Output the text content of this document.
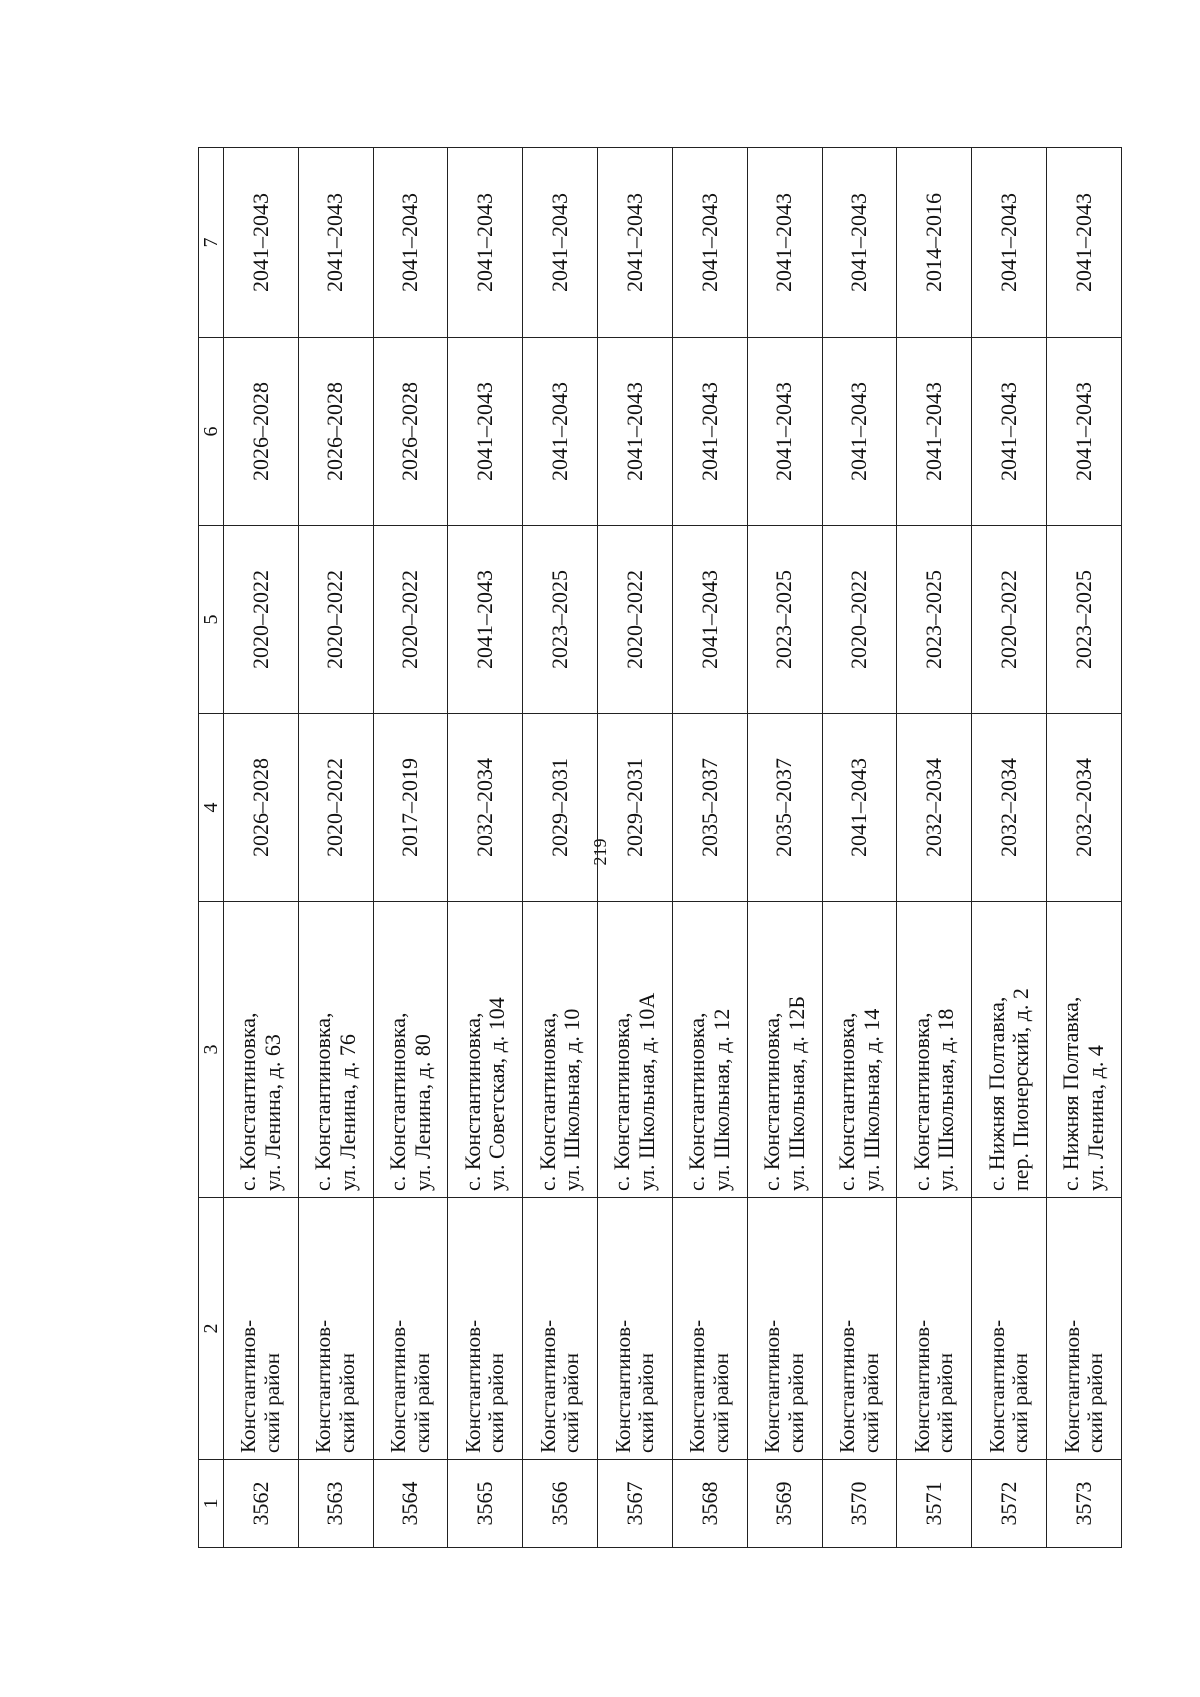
219
1	2	3	4	5	6	7
3562	Константинов- ский район	с. Константиновка, ул. Ленина, д. 63	2026–2028	2020–2022	2026–2028	2041–2043
3563	Константинов- ский район	с. Константиновка, ул. Ленина, д. 76	2020–2022	2020–2022	2026–2028	2041–2043
3564	Константинов- ский район	с. Константиновка, ул. Ленина, д. 80	2017–2019	2020–2022	2026–2028	2041–2043
3565	Константинов- ский район	с. Константиновка, ул. Советская, д. 104	2032–2034	2041–2043	2041–2043	2041–2043
3566	Константинов- ский район	с. Константиновка, ул. Школьная, д. 10	2029–2031	2023–2025	2041–2043	2041–2043
3567	Константинов- ский район	с. Константиновка, ул. Школьная, д. 10А	2029–2031	2020–2022	2041–2043	2041–2043
3568	Константинов- ский район	с. Константиновка, ул. Школьная, д. 12	2035–2037	2041–2043	2041–2043	2041–2043
3569	Константинов- ский район	с. Константиновка, ул. Школьная, д. 12Б	2035–2037	2023–2025	2041–2043	2041–2043
3570	Константинов- ский район	с. Константиновка, ул. Школьная, д. 14	2041–2043	2020–2022	2041–2043	2041–2043
3571	Константинов- ский район	с. Константиновка, ул. Школьная, д. 18	2032–2034	2023–2025	2041–2043	2014–2016
3572	Константинов- ский район	с. Нижняя Полтавка, пер. Пионерский, д. 2	2032–2034	2020–2022	2041–2043	2041–2043
3573	Константинов- ский район	с. Нижняя Полтавка, ул. Ленина, д. 4	2032–2034	2023–2025	2041–2043	2041–2043
